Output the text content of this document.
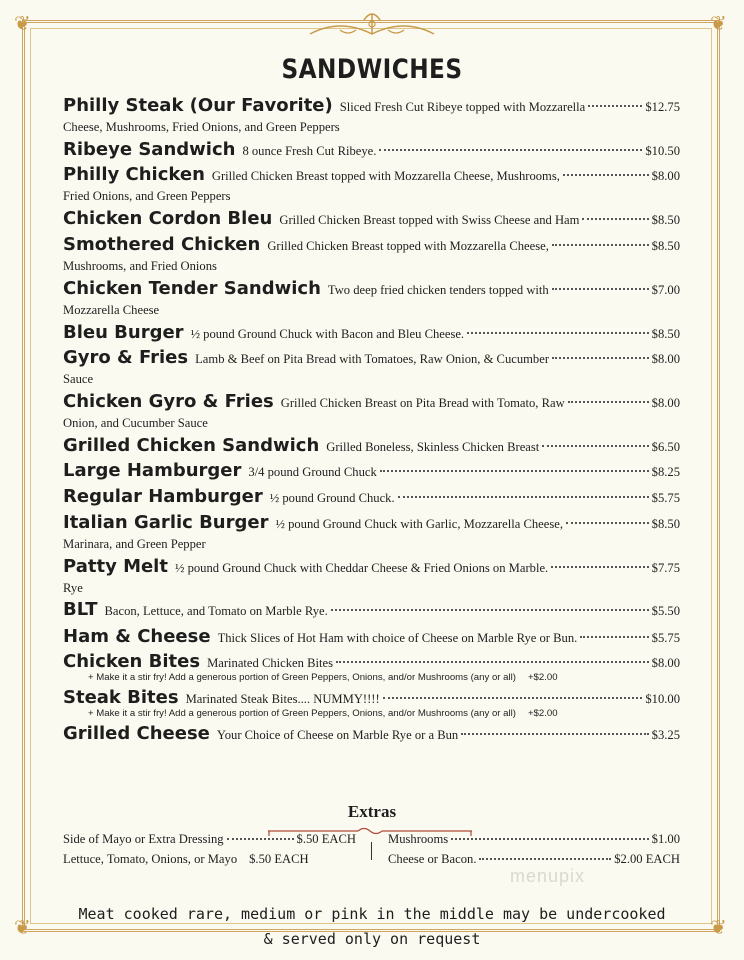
❦	❦
❦	❦
SANDWICHES
Philly Steak (Our Favorite) Sliced Fresh Cut Ribeye topped with Mozzarella	$12.75
Cheese, Mushrooms, Fried Onions, and Green Peppers
Ribeye Sandwich 8 ounce Fresh Cut Ribeye.	$10.50
Philly Chicken Grilled Chicken Breast topped with Mozzarella Cheese, Mushrooms,	$8.00
Fried Onions, and Green Peppers
Chicken Cordon Bleu Grilled Chicken Breast topped with Swiss Cheese and Ham	$8.50
Smothered Chicken Grilled Chicken Breast topped with Mozzarella Cheese,	$8.50
Mushrooms, and Fried Onions
Chicken Tender Sandwich Two deep fried chicken tenders topped with	$7.00
Mozzarella Cheese
Bleu Burger ½ pound Ground Chuck with Bacon and Bleu Cheese.	$8.50
Gyro & Fries Lamb & Beef on Pita Bread with Tomatoes, Raw Onion, & Cucumber	$8.00
Sauce
Chicken Gyro & Fries Grilled Chicken Breast on Pita Bread with Tomato, Raw	$8.00
Onion, and Cucumber Sauce
Grilled Chicken Sandwich Grilled Boneless, Skinless Chicken Breast	$6.50
Large Hamburger 3/4 pound Ground Chuck	$8.25
Regular Hamburger ½ pound Ground Chuck.	$5.75
Italian Garlic Burger ½ pound Ground Chuck with Garlic, Mozzarella Cheese,	$8.50
Marinara, and Green Pepper
Patty Melt ½ pound Ground Chuck with Cheddar Cheese & Fried Onions on Marble.	$7.75
Rye
BLT Bacon, Lettuce, and Tomato on Marble Rye.	$5.50
Ham & Cheese Thick Slices of Hot Ham with choice of Cheese on Marble Rye or Bun.	$5.75
Chicken Bites Marinated Chicken Bites	$8.00
+ Make it a stir fry! Add a generous portion of Green Peppers, Onions, and/or Mushrooms (any or all) +$2.00
Steak Bites Marinated Steak Bites.... NUMMY!!!!	$10.00
+ Make it a stir fry! Add a generous portion of Green Peppers, Onions, and/or Mushrooms (any or all) +$2.00
Grilled Cheese Your Choice of Cheese on Marble Rye or a Bun	$3.25
Extras
Side of Mayo or Extra Dressing	$.50 EACH
Lettuce, Tomato, Onions, or Mayo $.50 EACH
Mushrooms	$1.00
Cheese or Bacon.	$2.00 EACH
menupix
Meat cooked rare, medium or pink in the middle may be undercooked
& served only on request
